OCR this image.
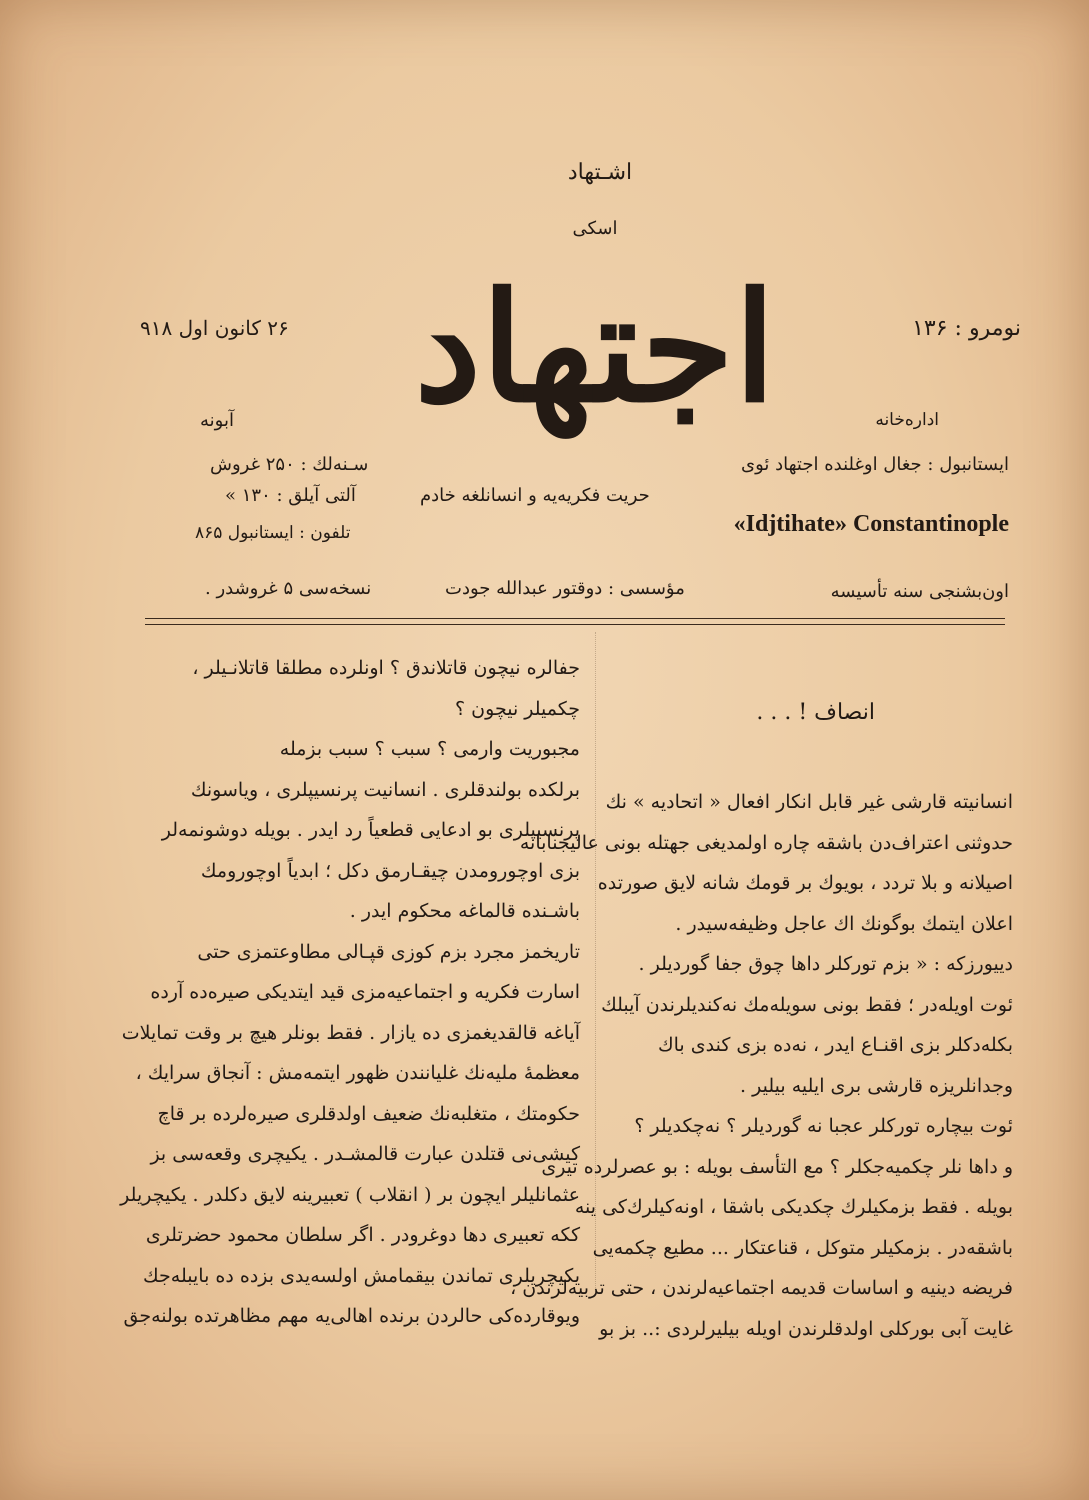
اشـتهاد
اسکی
اجتهاد	نومرو : ۱۳۶
۲۶ کانون اول ۹۱۸
اداره‌خانه
ایستانبول : جغال اوغلنده اجتهاد ئوی
آبونه
سـنه‌لك : ۲۵۰ غروش
آلتی آیلق : ۱۳۰ »	حریت فکریه‌یه و انسانلغه خادم
تلفون : ایستانبول ۸۶۵	«Idjtihate» Constantinople
اون‌بشنجی سنه تأسیسه
مؤسسی : دوقتور عبدالله جودت
نسخه‌سی ۵ غروشدر .
انصاف ! . . .

انسانیته قارشی غیر قابل انکار افعال « اتحادیه » نك

حدوثنی اعتراف‌دن باشقه چاره اولمدیغی جهتله بونی عالیجنابانه

اصیلانه و بلا تردد ، بویوك بر قومك شانه لایق صورتده

اعلان ایتمك بوگونك اك عاجل وظیفه‌سیدر .

دییورزکه : « بزم تورکلر داها چوق جفا گوردیلر .

ئوت اویله‌در ؛ فقط بونی سویله‌مك نه‌کندیلرندن آیبلك

بکله‌دکلر بزی اقنـاع ایدر ، نه‌ده بزی کندی باك

وجدانلریزه قارشی بری ایلیه بیلیر .

ئوت بیچاره تورکلر عجبا نه گوردیلر ؟ نه‌چکدیلر ؟

و داها نلر چکمیه‌جکلر ؟ مع التأسف بویله : بو عصرلرده تیری

بویله . فقط بزمکیلرك چکدیکی باشقا ، اونه‌کیلرك‌کی ینه

باشقه‌در . بزمکیلر متوکل ، قناعتکار ... مطیع چکمه‌یی

فریضه دینیه و اساسات قدیمه اجتماعیه‌لرندن ، حتی تربیه‌لرندن ،

غایت آبی بورکلی اولدقلرندن اویله بیلیرلردی :.. بز بو

جفالره نیچون قاتلاندق ؟ اونلرده مطلقا قاتلانـیلر ،

چکمیلر نیچون ؟

مجبوریت وارمی ؟ سبب ؟ سبب بزمله

برلکده بولندقلری . انسانیت پرنسیپلری ، ویاسونك

پرنسیپلری بو ادعایی قطعیاً رد ایدر . بویله دوشونمه‌لر

بزی اوچورومدن چیقـارمق دکل ؛ ابدیاً اوچورومك

باشـنده قالماغه محکوم ایدر .

تاریخمز مجرد بزم کوزی قپـالی مطاوعتمزی حتی

اسارت فکریه و اجتماعیه‌مزی قید ایتدیکی صیره‌ده آرده

آیاغه قالقدیغمزی ده یازار . فقط بونلر هیچ بر وقت تمایلات

معظمهٔ ملیه‌نك غلیانندن ظهور ایتمه‌مش : آنجاق سرایك ،

حکومتك ، متغلبه‌نك ضعیف اولدقلری صیره‌لرده بر قاچ

کیشی‌نی قتلدن عبارت قالمشـدر . یکیچری وقعه‌سی بز

عثمانلیلر ایچون بر ( انقلاب ) تعبیرینه لایق دکلدر . یکیچریلر

ککه تعبیری دها دوغرودر . اگر سلطان محمود حضرتلری

یکیچریلری تماندن بیقمامش اولسه‌یدی بزده ده بایبله‌جك

ویوقارده‌کی حالردن برنده اهالی‌یه مهم مظاهرتده بولنه‌جق
